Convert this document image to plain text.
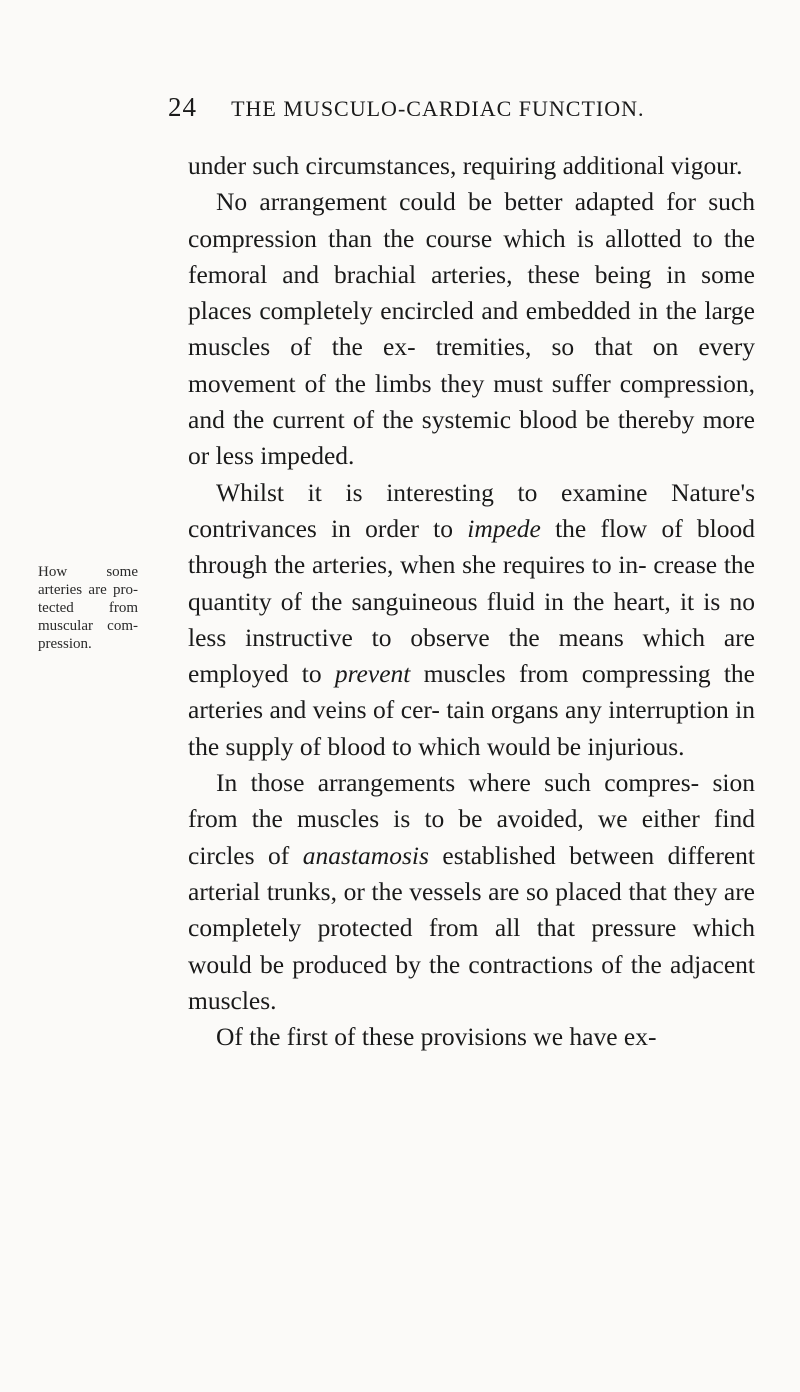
24 THE MUSCULO-CARDIAC FUNCTION.
How some arteries are pro- tected from muscular com- pression.

under such circumstances, requiring additional vigour.

No arrangement could be better adapted for such compression than the course which is allotted to the femoral and brachial arteries, these being in some places completely encircled and embedded in the large muscles of the ex- tremities, so that on every movement of the limbs they must suffer compression, and the current of the systemic blood be thereby more or less impeded.

Whilst it is interesting to examine Nature's contrivances in order to impede the flow of blood through the arteries, when she requires to in- crease the quantity of the sanguineous fluid in the heart, it is no less instructive to observe the means which are employed to prevent muscles from compressing the arteries and veins of cer- tain organs any interruption in the supply of blood to which would be injurious.

In those arrangements where such compres- sion from the muscles is to be avoided, we either find circles of anastamosis established between different arterial trunks, or the vessels are so placed that they are completely protected from all that pressure which would be produced by the contractions of the adjacent muscles.

Of the first of these provisions we have ex-
